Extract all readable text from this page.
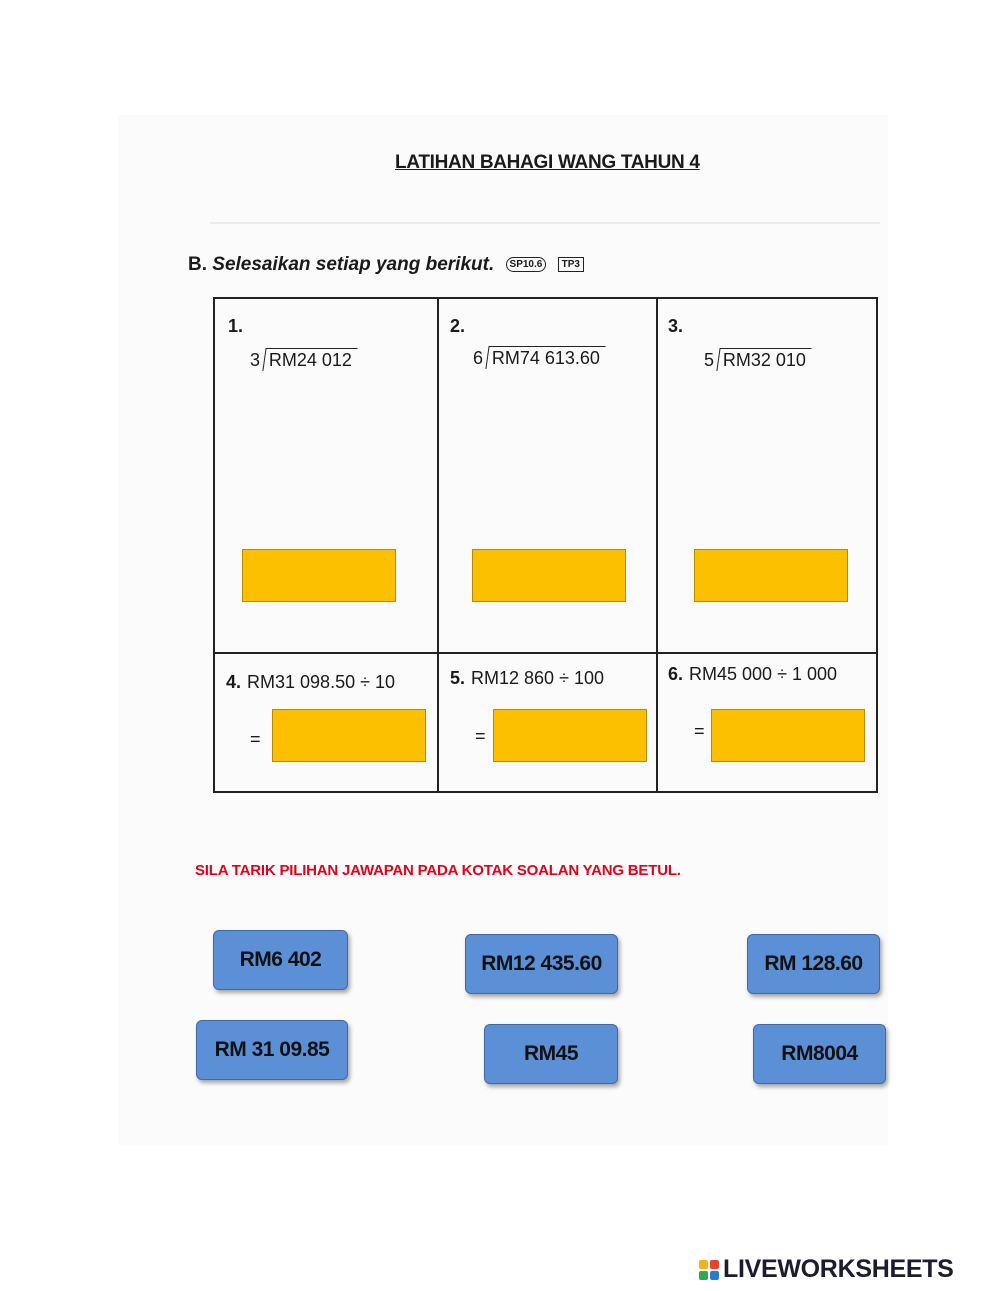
LATIHAN BAHAGI WANG TAHUN 4
B. Selesaikan setiap yang berikut. SP10.6 TP3
1.
3 RM24 012
2.
6 RM74 613.60
3.
5 RM32 010
4. RM31 098.50 ÷ 10
=
5. RM12 860 ÷ 100
=
6. RM45 000 ÷ 1 000
=
SILA TARIK PILIHAN JAWAPAN PADA KOTAK SOALAN YANG BETUL.
RM6 402	RM12 435.60	RM 128.60
RM 31 09.85	RM45	RM8004
LIVEWORKSHEETS
